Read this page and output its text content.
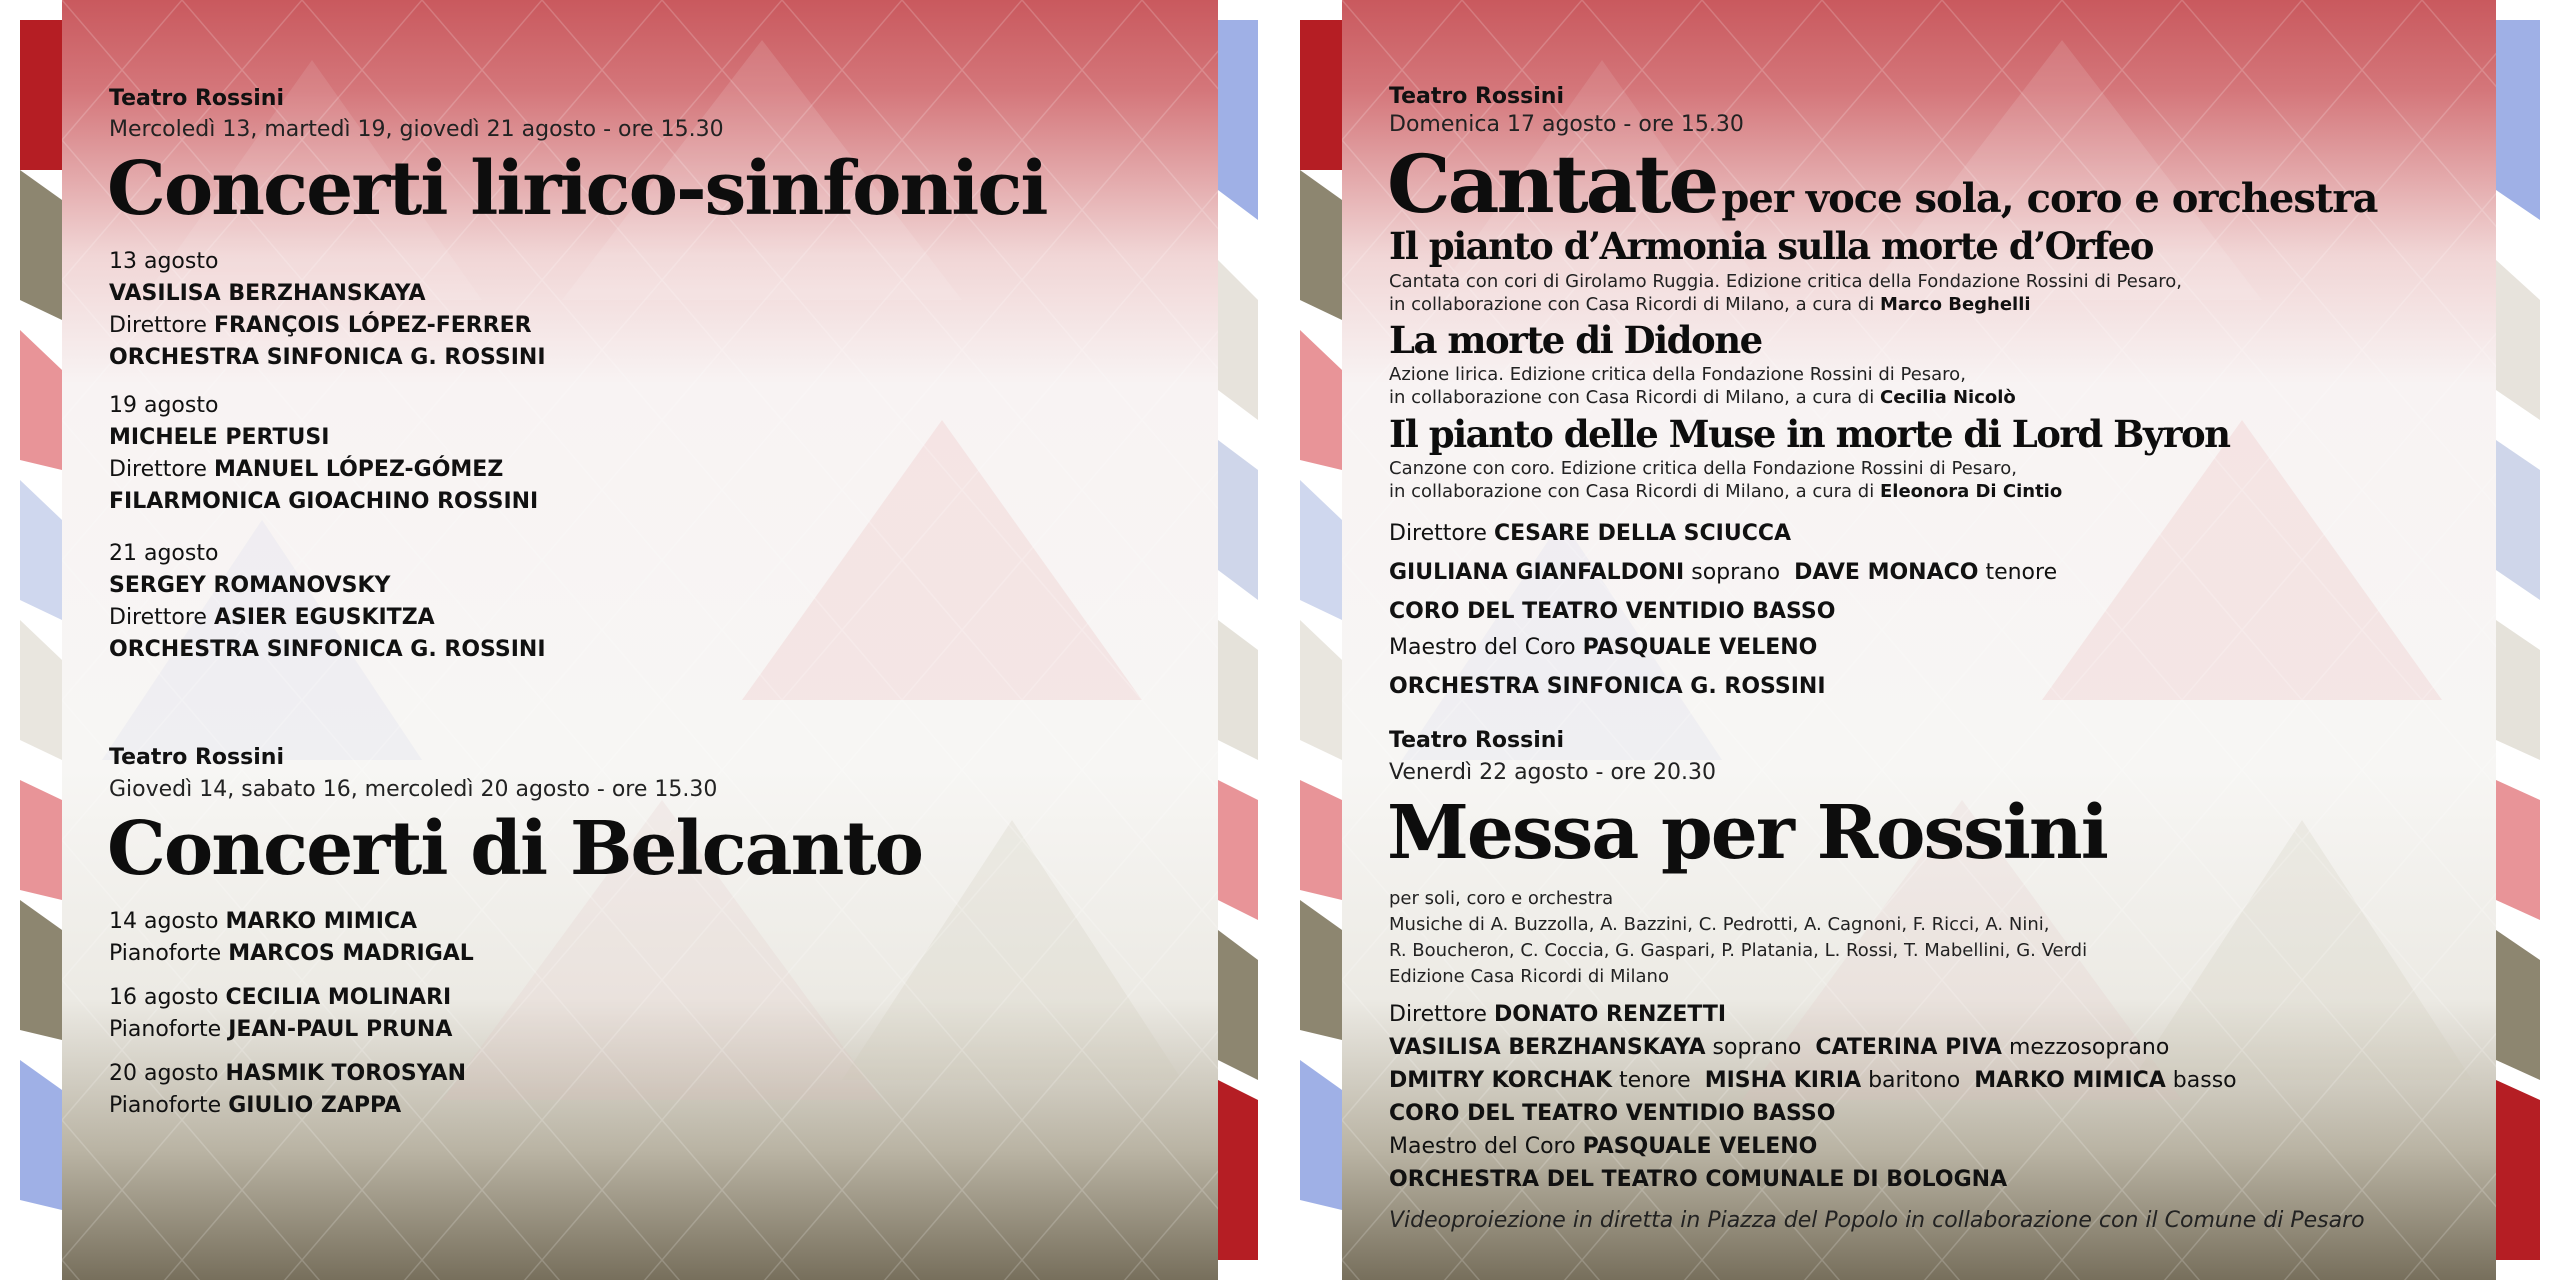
Teatro Rossini
Mercoledì 13, martedì 19, giovedì 21 agosto - ore 15.30
Concerti lirico-sinfonici
13 agosto
VASILISA BERZHANSKAYA
Direttore FRANÇOIS LÓPEZ-FERRER
ORCHESTRA SINFONICA G. ROSSINI
19 agosto
MICHELE PERTUSI
Direttore MANUEL LÓPEZ-GÓMEZ
FILARMONICA GIOACHINO ROSSINI
21 agosto
SERGEY ROMANOVSKY
Direttore ASIER EGUSKITZA
ORCHESTRA SINFONICA G. ROSSINI
Teatro Rossini
Giovedì 14, sabato 16, mercoledì 20 agosto - ore 15.30
Concerti di Belcanto
14 agosto MARKO MIMICA
Pianoforte MARCOS MADRIGAL
16 agosto CECILIA MOLINARI
Pianoforte JEAN-PAUL PRUNA
20 agosto HASMIK TOROSYAN
Pianoforte GIULIO ZAPPA
Teatro Rossini
Domenica 17 agosto - ore 15.30
Cantate per voce sola, coro e orchestra
Il pianto d’Armonia sulla morte d’Orfeo
Cantata con cori di Girolamo Ruggia. Edizione critica della Fondazione Rossini di Pesaro,
in collaborazione con Casa Ricordi di Milano, a cura di Marco Beghelli
La morte di Didone
Azione lirica. Edizione critica della Fondazione Rossini di Pesaro,
in collaborazione con Casa Ricordi di Milano, a cura di Cecilia Nicolò
Il pianto delle Muse in morte di Lord Byron
Canzone con coro. Edizione critica della Fondazione Rossini di Pesaro,
in collaborazione con Casa Ricordi di Milano, a cura di Eleonora Di Cintio
Direttore CESARE DELLA SCIUCCA
GIULIANA GIANFALDONI soprano DAVE MONACO tenore
CORO DEL TEATRO VENTIDIO BASSO
Maestro del Coro PASQUALE VELENO
ORCHESTRA SINFONICA G. ROSSINI
Teatro Rossini
Venerdì 22 agosto - ore 20.30
Messa per Rossini
per soli, coro e orchestra
Musiche di A. Buzzolla, A. Bazzini, C. Pedrotti, A. Cagnoni, F. Ricci, A. Nini,
R. Boucheron, C. Coccia, G. Gaspari, P. Platania, L. Rossi, T. Mabellini, G. Verdi
Edizione Casa Ricordi di Milano
Direttore DONATO RENZETTI
VASILISA BERZHANSKAYA soprano CATERINA PIVA mezzosoprano
DMITRY KORCHAK tenore MISHA KIRIA baritono MARKO MIMICA basso
CORO DEL TEATRO VENTIDIO BASSO
Maestro del Coro PASQUALE VELENO
ORCHESTRA DEL TEATRO COMUNALE DI BOLOGNA
Videoproiezione in diretta in Piazza del Popolo in collaborazione con il Comune di Pesaro
